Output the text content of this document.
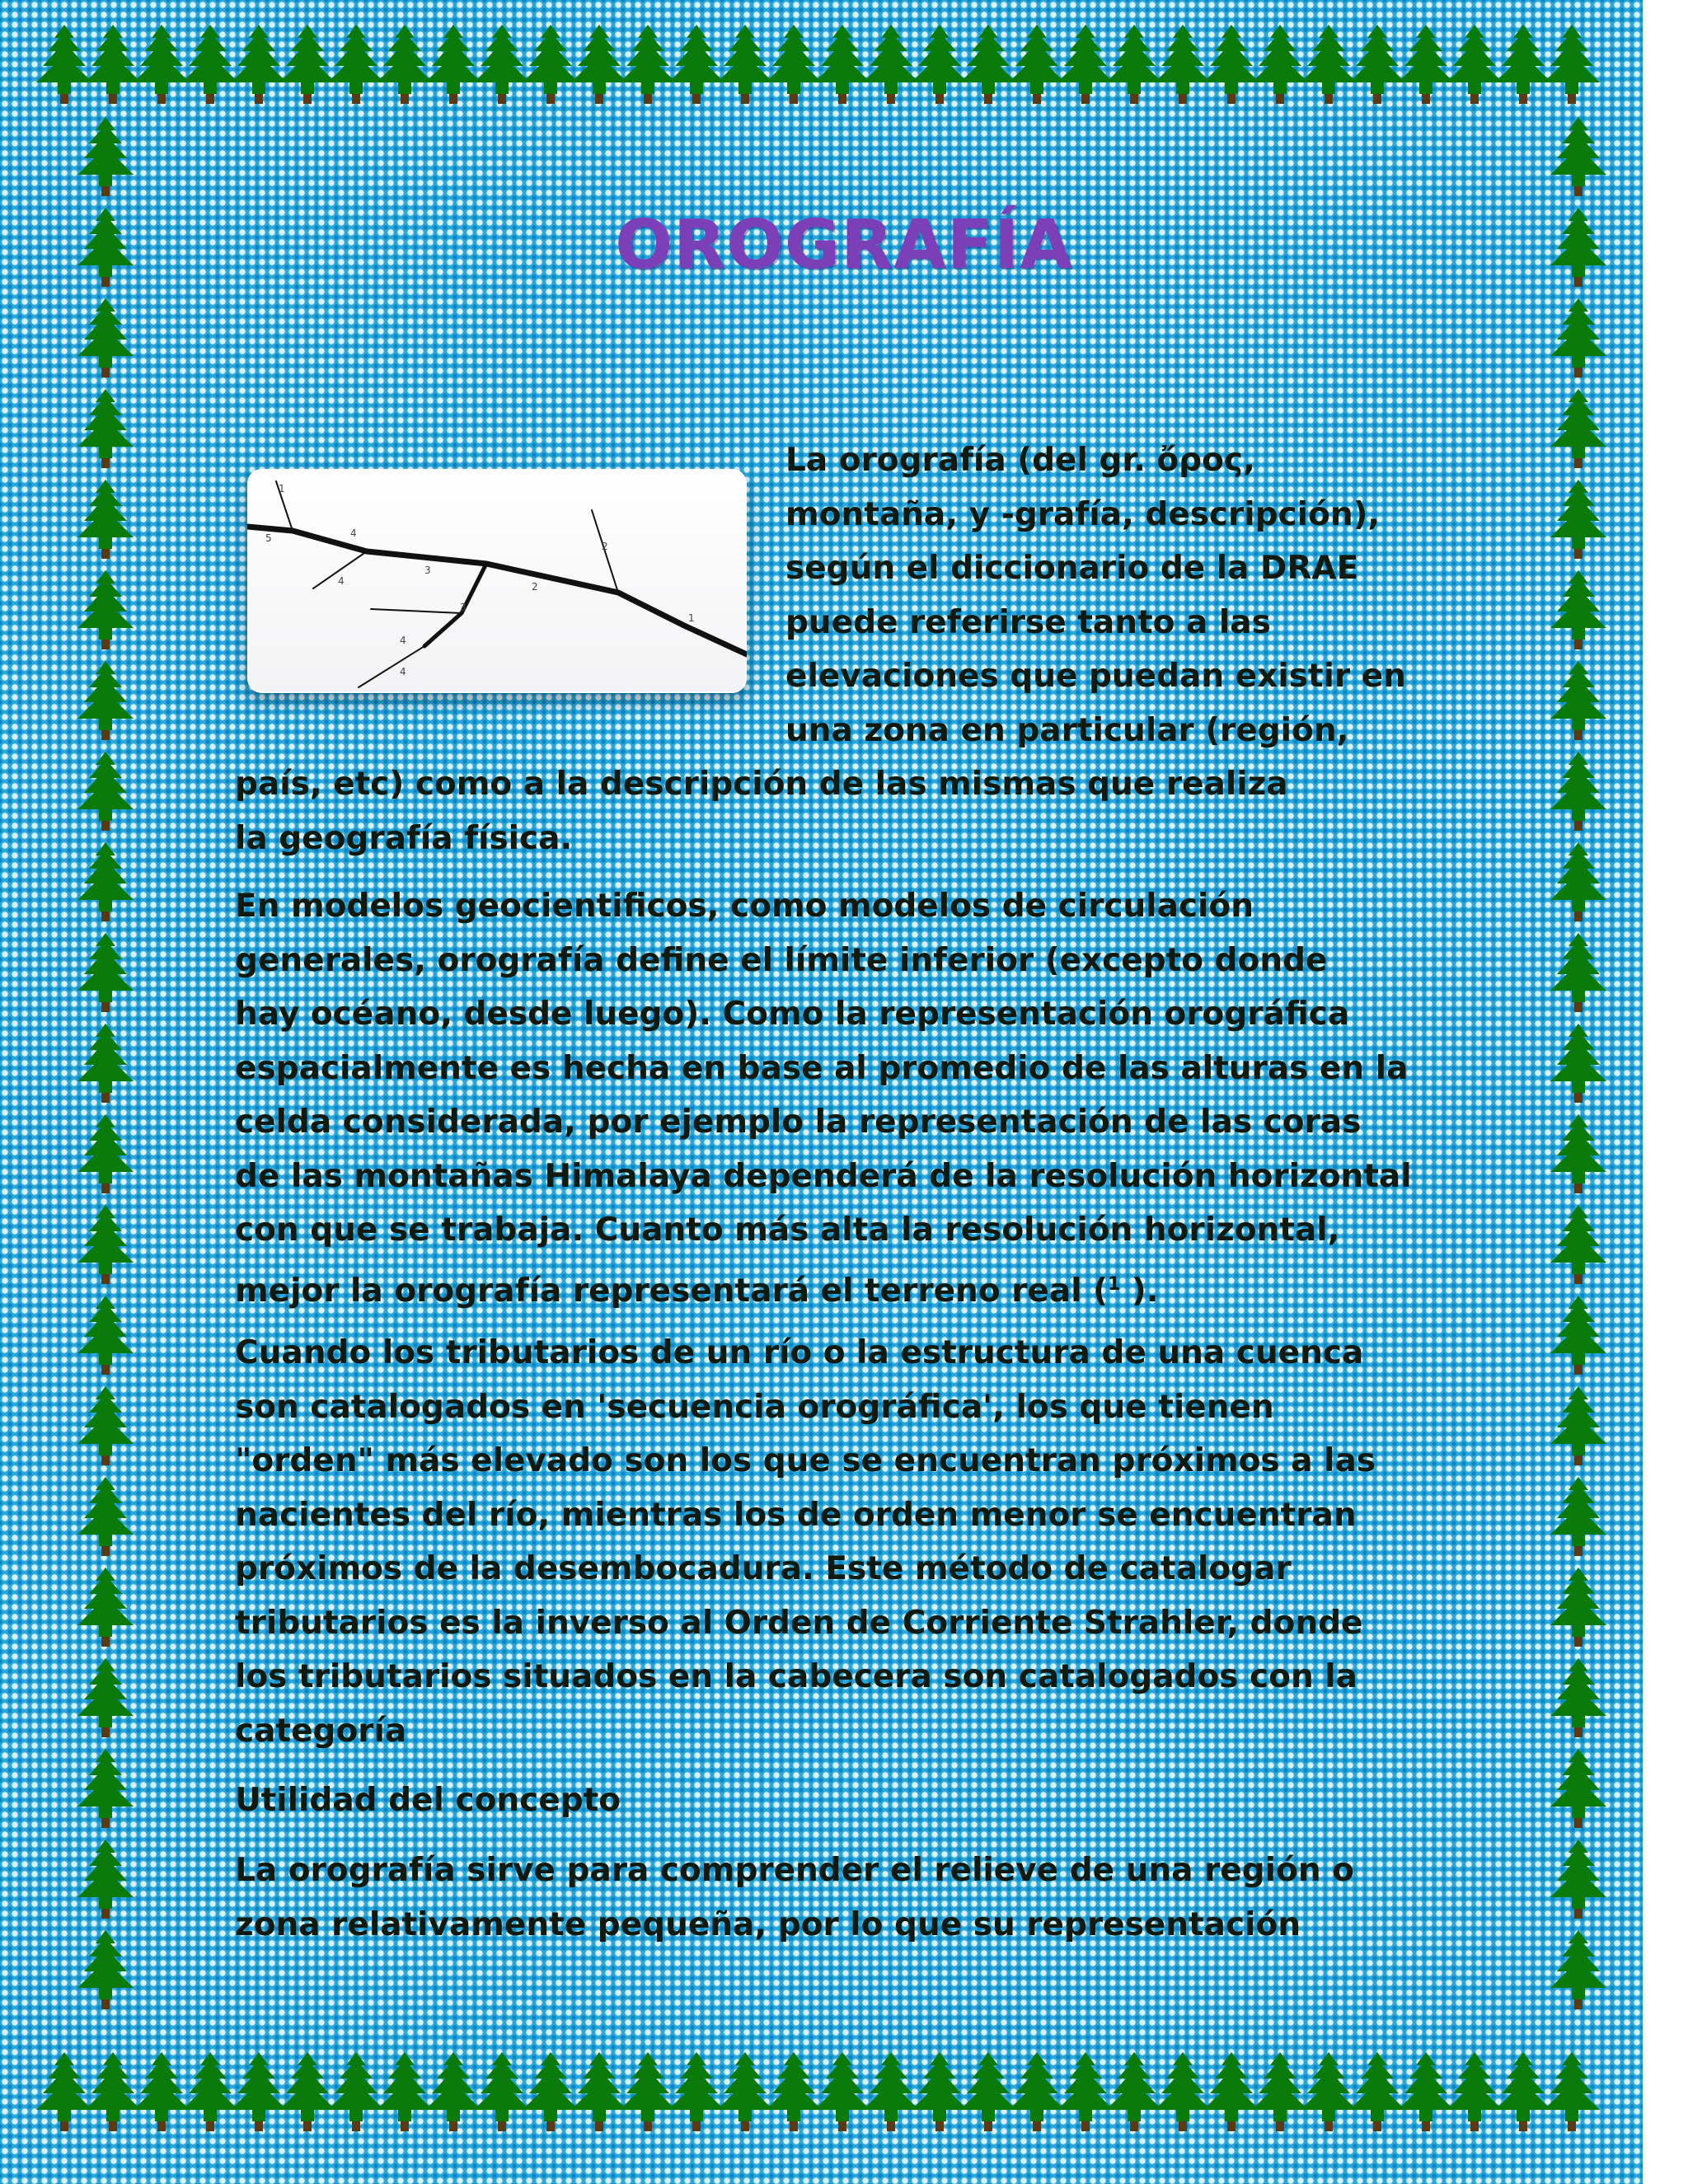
OROGRAFÍA
1
5	4
4
3
3
2
2
1
4
4
La orografía (del gr. ὄρος,
montaña, y -grafía, descripción),
según el diccionario de la DRAE
puede referirse tanto a las
elevaciones que puedan existir en
una zona en particular (región,
país, etc) como a la descripción de las mismas que realiza
la geografía física.
En modelos geocientificos, como modelos de circulación
generales, orografía define el límite inferior (excepto donde
hay océano, desde luego). Como la representación orográfica
espacialmente es hecha en base al promedio de las alturas en la
celda considerada, por ejemplo la representación de las coras
de las montañas Himalaya dependerá de la resolución horizontal
con que se trabaja. Cuanto más alta la resolución horizontal,
mejor la orografía representará el terreno real ($^1$ ).
Cuando los tributarios de un río o la estructura de una cuenca
son catalogados en 'secuencia orográfica', los que tienen
"orden" más elevado son los que se encuentran próximos a las
nacientes del río, mientras los de orden menor se encuentran
próximos de la desembocadura. Este método de catalogar
tributarios es la inverso al Orden de Corriente Strahler, donde
los tributarios situados en la cabecera son catalogados con la
categoría
Utilidad del concepto
La orografía sirve para comprender el relieve de una región o
zona relativamente pequeña, por lo que su representación
